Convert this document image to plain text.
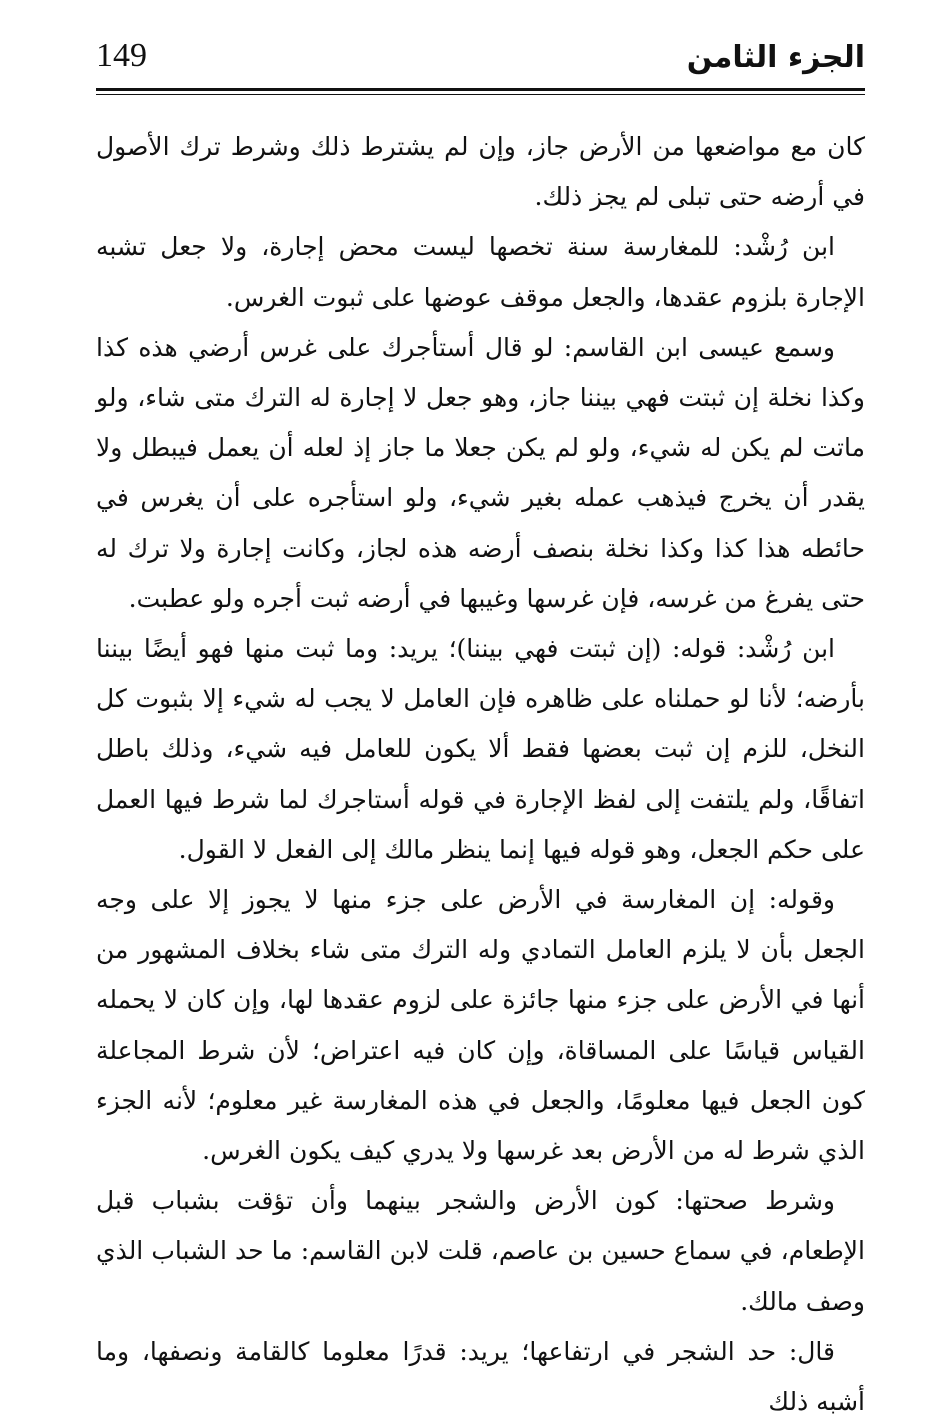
149	الجزء الثامن

كان مع مواضعها من الأرض جاز، وإن لم يشترط ذلك وشرط ترك الأصول في أرضه حتى تبلى لم يجز ذلك.

ابن رُشْد: للمغارسة سنة تخصها ليست محض إجارة، ولا جعل تشبه الإجارة بلزوم عقدها، والجعل موقف عوضها على ثبوت الغرس.

وسمع عيسى ابن القاسم: لو قال أستأجرك على غرس أرضي هذه كذا وكذا نخلة إن ثبتت فهي بيننا جاز، وهو جعل لا إجارة له الترك متى شاء، ولو ماتت لم يكن له شيء، ولو لم يكن جعلا ما جاز إذ لعله أن يعمل فيبطل ولا يقدر أن يخرج فيذهب عمله بغير شيء، ولو استأجره على أن يغرس في حائطه هذا كذا وكذا نخلة بنصف أرضه هذه لجاز، وكانت إجارة ولا ترك له حتى يفرغ من غرسه، فإن غرسها وغيبها في أرضه ثبت أجره ولو عطبت.

ابن رُشْد: قوله: (إن ثبتت فهي بيننا)؛ يريد: وما ثبت منها فهو أيضًا بيننا بأرضه؛ لأنا لو حملناه على ظاهره فإن العامل لا يجب له شيء إلا بثبوت كل النخل، للزم إن ثبت بعضها فقط ألا يكون للعامل فيه شيء، وذلك باطل اتفاقًا، ولم يلتفت إلى لفظ الإجارة في قوله أستاجرك لما شرط فيها العمل على حكم الجعل، وهو قوله فيها إنما ينظر مالك إلى الفعل لا القول.

وقوله: إن المغارسة في الأرض على جزء منها لا يجوز إلا على وجه الجعل بأن لا يلزم العامل التمادي وله الترك متى شاء بخلاف المشهور من أنها في الأرض على جزء منها جائزة على لزوم عقدها لها، وإن كان لا يحمله القياس قياسًا على المساقاة، وإن كان فيه اعتراض؛ لأن شرط المجاعلة كون الجعل فيها معلومًا، والجعل في هذه المغارسة غير معلوم؛ لأنه الجزء الذي شرط له من الأرض بعد غرسها ولا يدري كيف يكون الغرس.

وشرط صحتها: كون الأرض والشجر بينهما وأن تؤقت بشباب قبل الإطعام، في سماع حسين بن عاصم، قلت لابن القاسم: ما حد الشباب الذي وصف مالك.

قال: حد الشجر في ارتفاعها؛ يريد: قدرًا معلوما كالقامة ونصفها، وما أشبه ذلك
